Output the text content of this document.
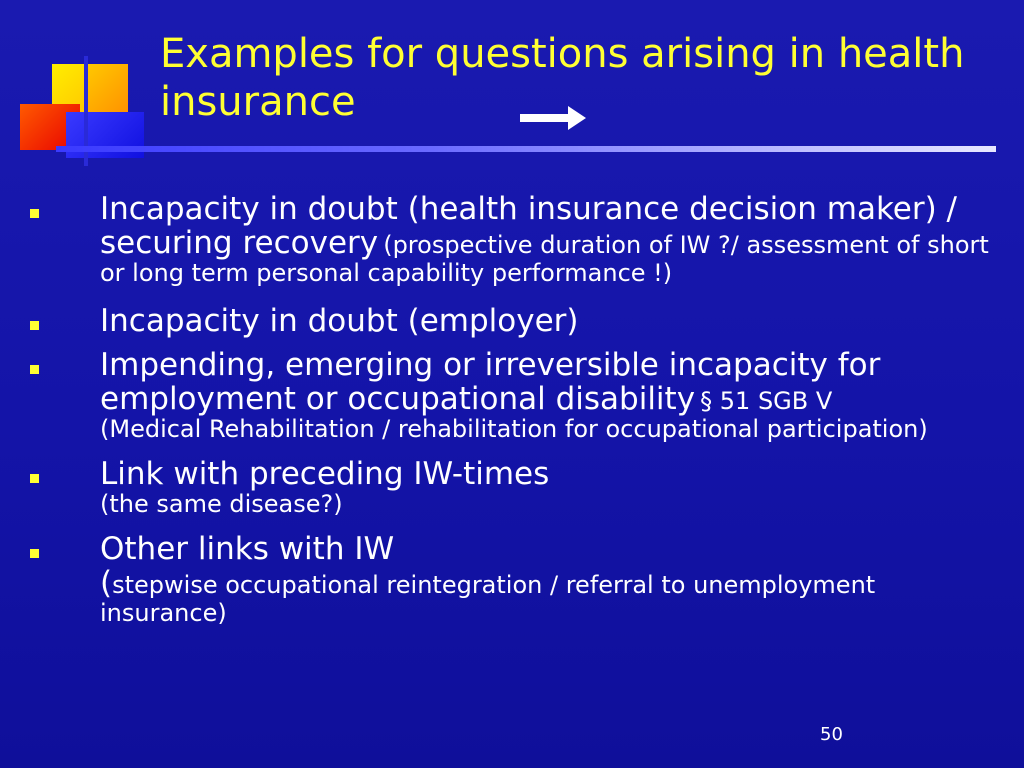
Examples for questions arising in health insurance
Incapacity in doubt (health insurance decision maker) / securing recovery (prospective duration of IW ?/ assessment of short or long term personal capability performance !)
Incapacity in doubt (employer)
Impending, emerging or irreversible incapacity for employment or occupational disability § 51 SGB V
(Medical Rehabilitation / rehabilitation for occupational participation)
Link with preceding IW-times
(the same disease?)
Other links with IW
(stepwise occupational reintegration / referral to unemployment insurance)
50
